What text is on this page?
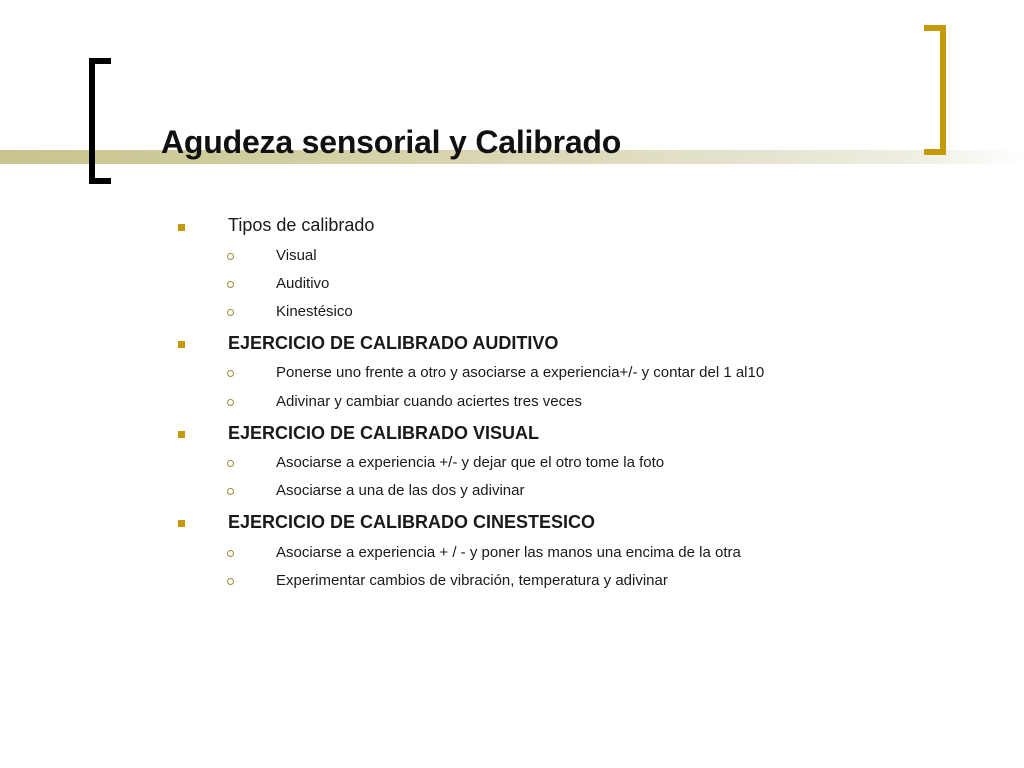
Agudeza sensorial y Calibrado
Tipos de calibrado
Visual
Auditivo
Kinestésico
EJERCICIO DE CALIBRADO AUDITIVO
Ponerse uno frente a otro y asociarse a experiencia+/- y contar del 1 al10
Adivinar y cambiar cuando aciertes tres veces
EJERCICIO DE CALIBRADO VISUAL
Asociarse a experiencia +/- y dejar que el otro tome la foto
Asociarse a una de las dos y adivinar
EJERCICIO DE CALIBRADO CINESTESICO
Asociarse a experiencia + / - y poner las manos una encima de la otra
Experimentar cambios de vibración, temperatura y adivinar
